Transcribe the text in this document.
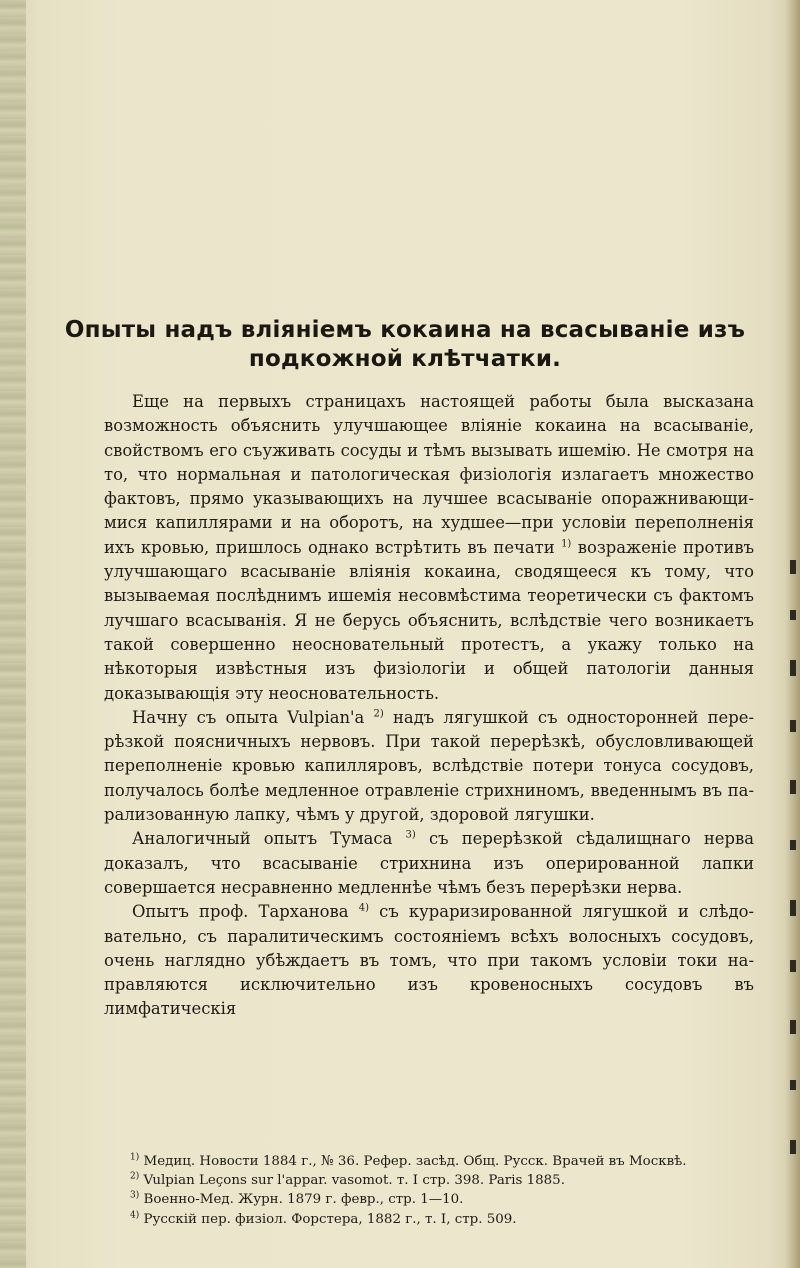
Опыты надъ вліяніемъ кокаина на всасываніе изъ подкожной клѣтчатки.

Еще на первыхъ страницахъ настоящей работы была высказана возможность объяснить улучшающее вліяніе кокаина на всасываніе, свойствомъ его съуживать сосуды и тѣмъ вызывать ишемію. Не смотря на то, что нормальная и патологическая физіологія излагаетъ множество фактовъ, прямо указывающихъ на лучшее всасываніе опоражнивающимися капиллярами и на оборотъ, на худшее—при условіи переполненія ихъ кровью, пришлось однако встрѣтить въ печати $^{1)}$ возраженіе противъ улучшающаго всасываніе вліянія кокаина, сводящееся къ тому, что вызываемая послѣднимъ ишемія несовмѣстима теоретически съ фактомъ лучшаго всасыванія. Я не берусь объяснить, вслѣдствіе чего возникаетъ такой совершенно неосновательный протестъ, а укажу только на нѣкоторыя извѣстныя изъ физіологіи и общей патологіи данныя доказывающія эту неосновательность.

Начну съ опыта Vulpian'a $^{2)}$ надъ лягушкой съ односторонней перерѣзкой поясничныхъ нервовъ. При такой перерѣзкѣ, обусловливающей переполненіе кровью капилляровъ, вслѣдствіе потери тонуса сосудовъ, получалось болѣе медленное отравленіе стрихниномъ, введеннымъ въ парализованную лапку, чѣмъ у другой, здоровой лягушки.

Аналогичный опытъ Тумаса $^{3)}$ съ перерѣзкой сѣдалищнаго нерва доказалъ, что всасываніе стрихнина изъ оперированной лапки совершается несравненно медленнѣе чѣмъ безъ перерѣзки нерва.

Опытъ проф. Тарханова $^{4)}$ съ кураризированной лягушкой и слѣдовательно, съ паралитическимъ состояніемъ всѣхъ волосныхъ сосудовъ, очень наглядно убѣждаетъ въ томъ, что при такомъ условіи токи направляются исключительно изъ кровеносныхъ сосудовъ въ лимфатическія

$^{1)}$ Медиц. Новости 1884 г., № 36. Рефер. засѣд. Общ. Русск. Врачей въ Москвѣ.
$^{2)}$ Vulpian Leçons sur l'appar. vasomot. т. I стр. 398. Paris 1885.
$^{3)}$ Военно-Мед. Журн. 1879 г. февр., стр. 1—10.
$^{4)}$ Русскій пер. физіол. Форстера, 1882 г., т. I, стр. 509.
